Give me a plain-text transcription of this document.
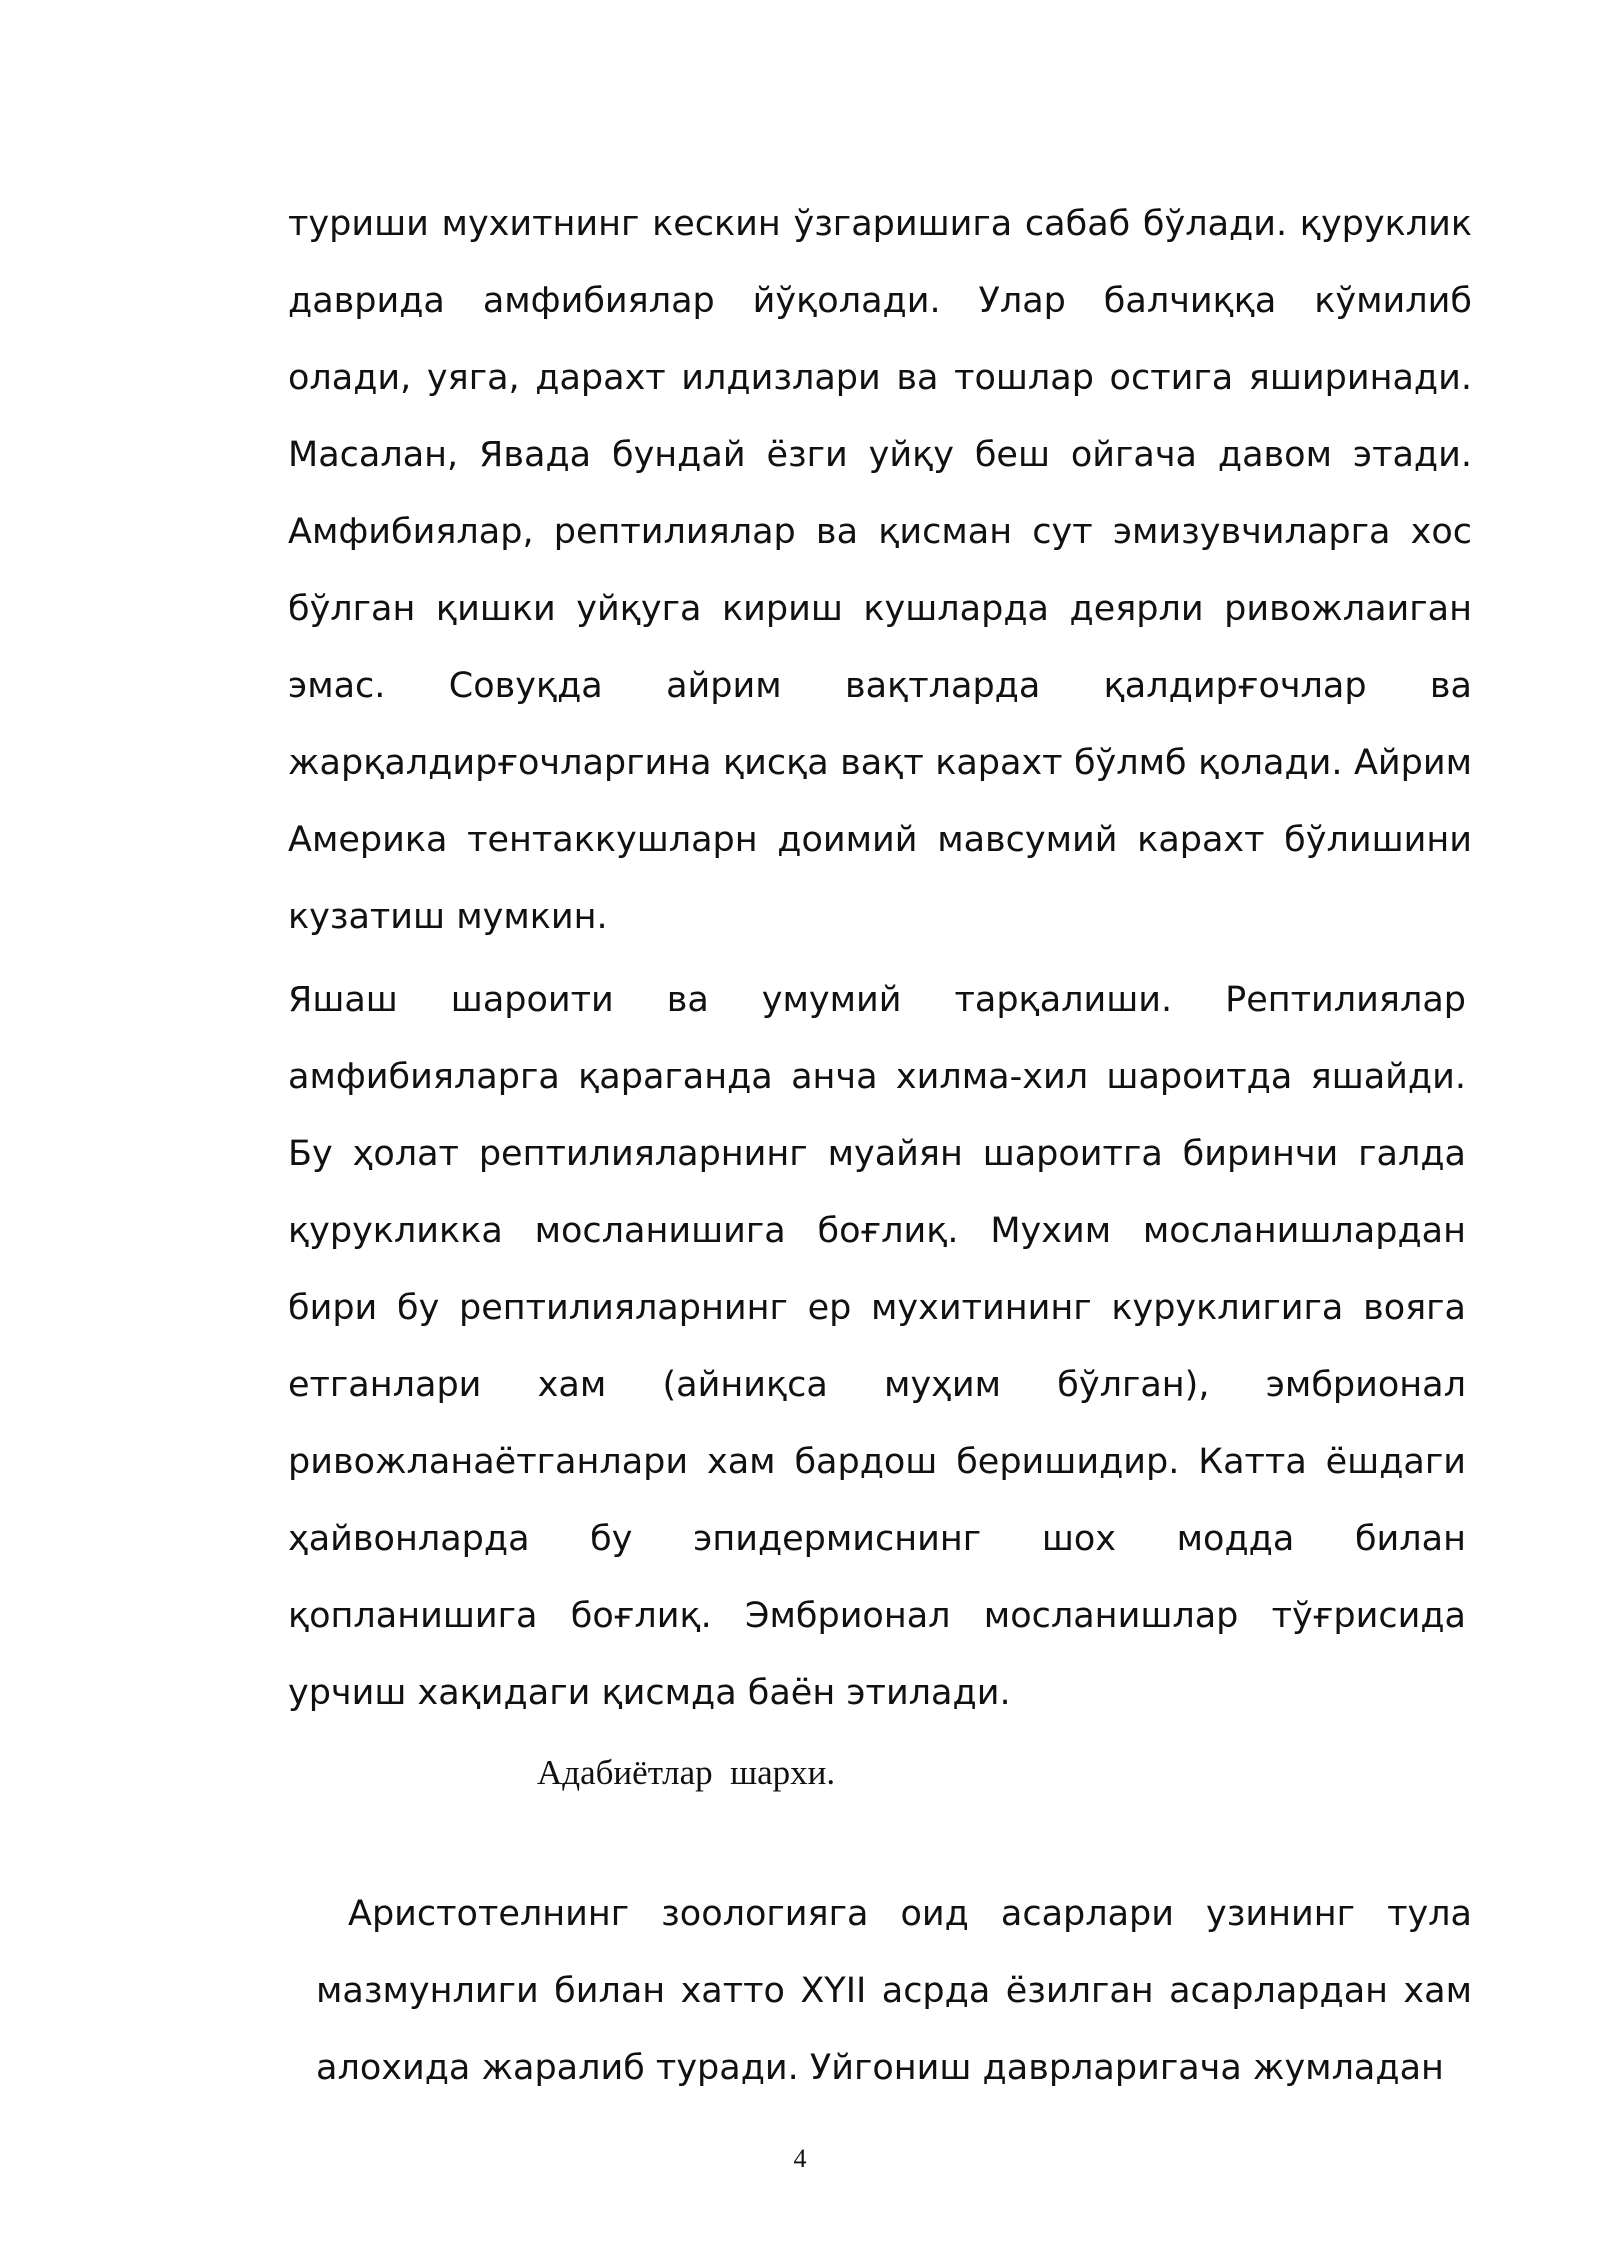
туриши мухитнинг кескин ўзгаришига сабаб бўлади. қуруклик даврида амфибиялар йўқолади. Улар балчиққа кўмилиб олади, уяга, дарахт илдизлари ва тошлар остига яширинади. Масалан, Явада бундай ёзги уйқу беш ойгача давом этади. Амфибиялар, рептилиялар ва қисман сут эмизувчиларга хос бўлган қишки уйқуга кириш кушларда деярли ривожлаиган эмас. Совуқда айрим вақтларда қалдирғочлар ва жарқалдирғочларгина қисқа вақт карахт бўлмб қолади. Айрим Америка тентаккушларн доимий мавсумий карахт бўлишини кузатиш мумкин.

Яшаш шароити ва умумий тарқалиши. Рептилиялар амфибияларга қараганда анча хилма-хил шароитда яшайди. Бу ҳолат рептилияларнинг муайян шароитга биринчи галда қурукликка мосланишига боғлиқ. Мухим мосланишлардан бири бу рептилияларнинг ер мухитининг куруклигига вояга етганлари хам (айниқса муҳим бўлган), эмбрионал ривожланаётганлари хам бардош беришидир. Катта ёшдаги ҳайвонларда бу эпидермиснинг шох модда билан қопланишига боғлиқ. Эмбрионал мосланишлар тўғрисида урчиш хақидаги қисмда баён этилади.

Адабиётлар  шархи.

Аристотелнинг зоологияга оид асарлари узининг тула мазмунлиги билан хатто XYII асрда ёзилган асарлардан хам алохида жаралиб туради. Уйгониш даврларигача жумладан

4
